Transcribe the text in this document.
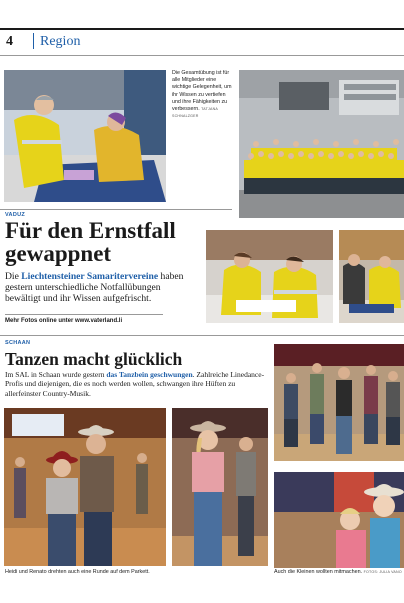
4 Region
Die Gesamtübung ist für alle Mitglieder eine wichtige Gelegenheit, um ihr Wissen zu vertiefen und ihre Fähigkeiten zu verbessern. TATJANA SCHNALZGER
VADUZ
Für den Ernstfall gewappnet
Die Liechtensteiner Samaritervereine haben gestern unterschiedliche Notfallübungen bewältigt und ihr Wissen aufgefrischt.
Mehr Fotos online unter www.vaterland.li
SCHAAN
Tanzen macht glücklich
Im SAL in Schaan wurde gestern das Tanzbein geschwungen. Zahlreiche Linedance-Profis und diejenigen, die es noch werden wollen, schwangen ihre Hüften zu allerfeinster Country-Musik.
Heidi und Renato drehten auch eine Runde auf dem Parkett.	Auch die Kleinen wollten mitmachen. FOTOS: JULIA VANO
